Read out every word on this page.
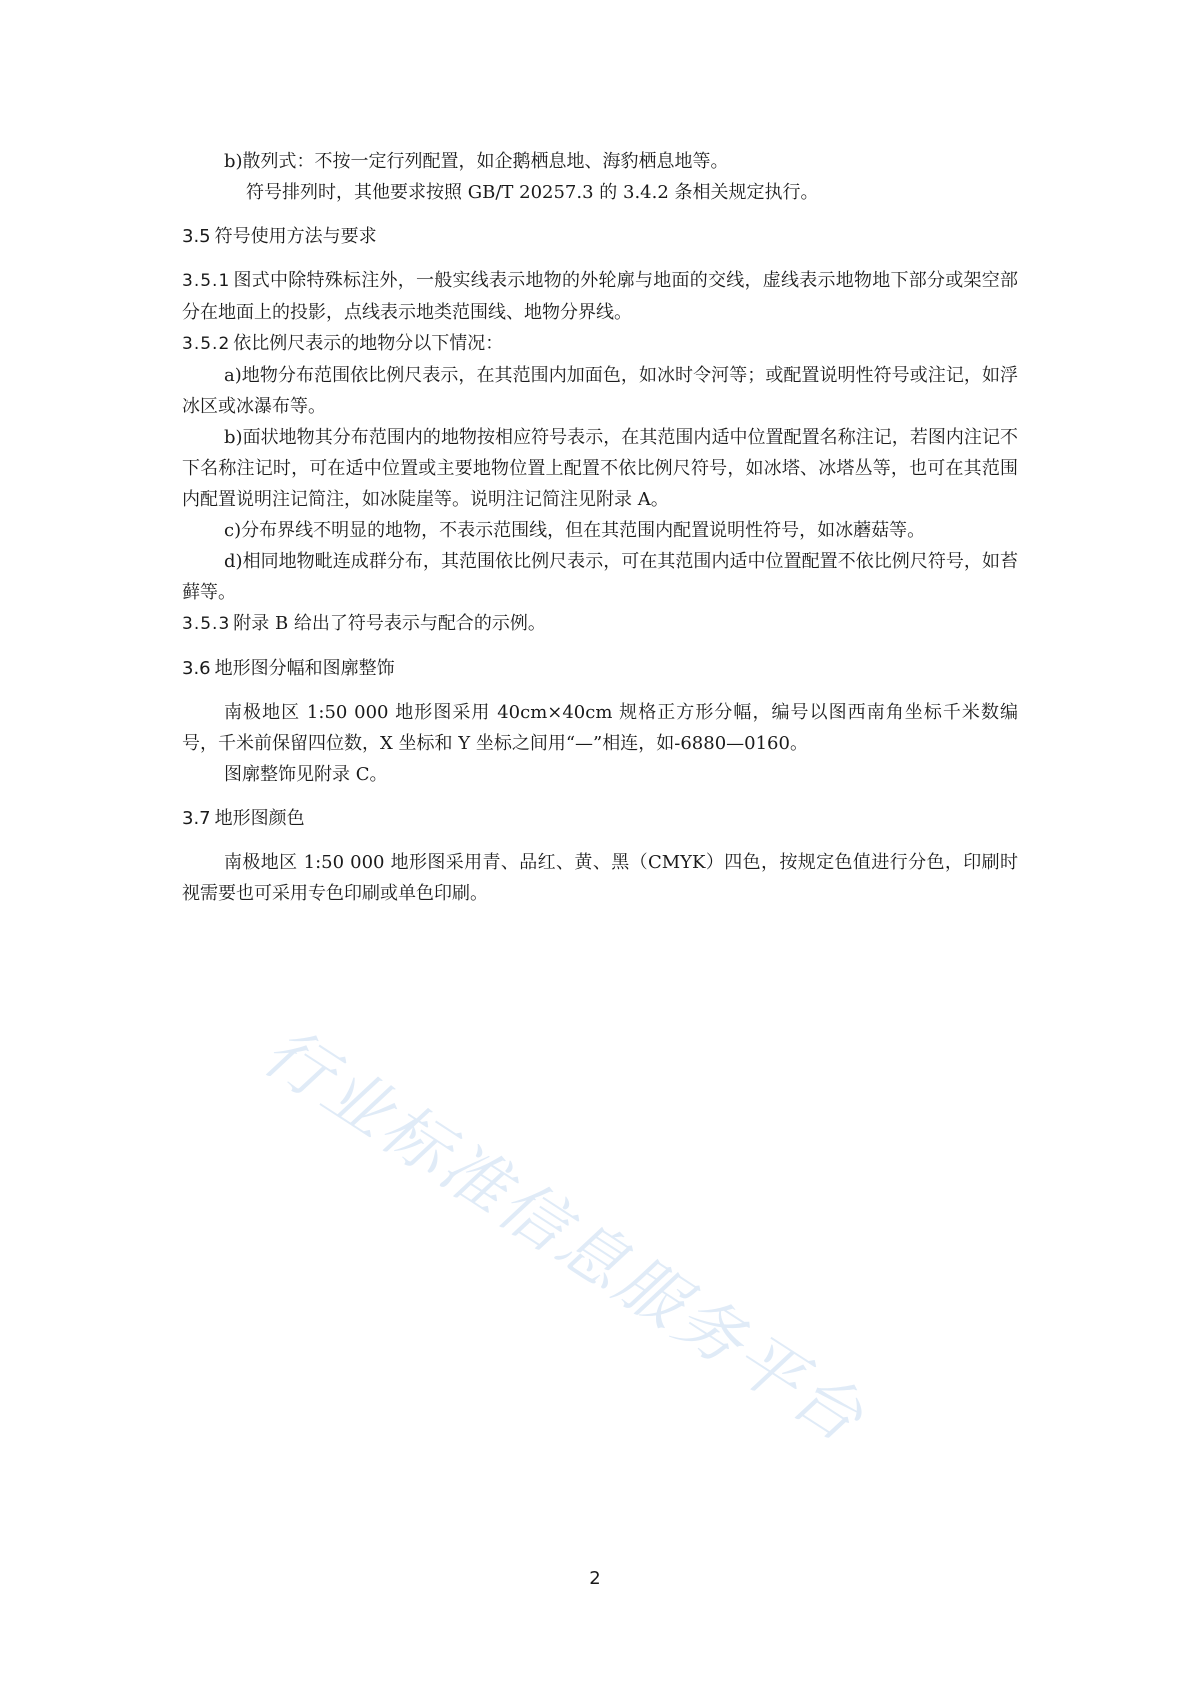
b)散列式：不按一定行列配置，如企鹅栖息地、海豹栖息地等。

符号排列时，其他要求按照 GB/T 20257.3 的 3.4.2 条相关规定执行。

3.5 符号使用方法与要求

3.5.1 图式中除特殊标注外，一般实线表示地物的外轮廓与地面的交线，虚线表示地物地下部分或架空部分在地面上的投影，点线表示地类范围线、地物分界线。

3.5.2 依比例尺表示的地物分以下情况：

a)地物分布范围依比例尺表示，在其范围内加面色，如冰时令河等；或配置说明性符号或注记，如浮冰区或冰瀑布等。

b)面状地物其分布范围内的地物按相应符号表示，在其范围内适中位置配置名称注记，若图内注记不下名称注记时，可在适中位置或主要地物位置上配置不依比例尺符号，如冰塔、冰塔丛等，也可在其范围内配置说明注记简注，如冰陡崖等。说明注记简注见附录 A。

c)分布界线不明显的地物，不表示范围线，但在其范围内配置说明性符号，如冰蘑菇等。

d)相同地物毗连成群分布，其范围依比例尺表示，可在其范围内适中位置配置不依比例尺符号，如苔藓等。

3.5.3 附录 B 给出了符号表示与配合的示例。

3.6 地形图分幅和图廓整饰

南极地区 1:50 000 地形图采用 40cm×40cm 规格正方形分幅，编号以图西南角坐标千米数编号，千米前保留四位数，X 坐标和 Y 坐标之间用“—”相连，如-6880—0160。

图廓整饰见附录 C。

3.7 地形图颜色

南极地区 1:50 000 地形图采用青、品红、黄、黑（CMYK）四色，按规定色值进行分色，印刷时视需要也可采用专色印刷或单色印刷。

行业标准信息服务平台
2
